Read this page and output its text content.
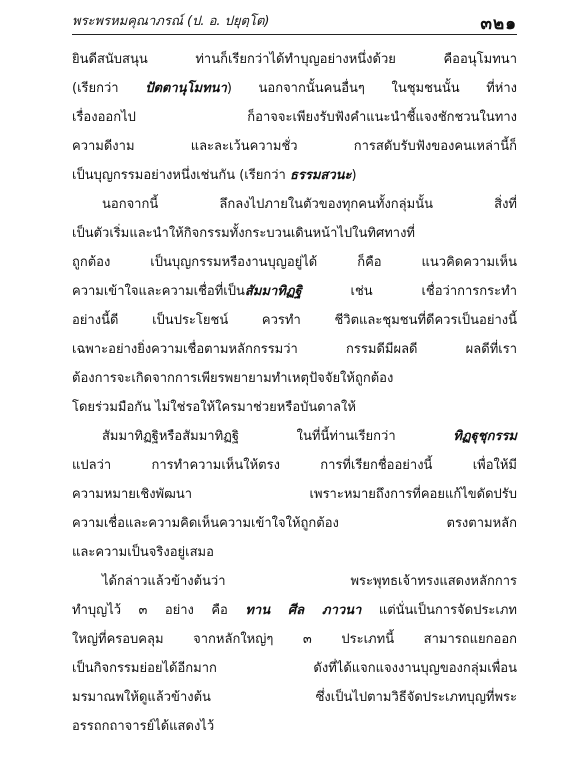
พระพรหมคุณาภรณ์ (ป. อ. ปยุตฺโต)	๓๒๑
ยินดีสนับสนุน ท่านก็เรียกว่าได้ทำบุญอย่างหนึ่งด้วย คืออนุโมทนา
(เรียกว่า ปัตตานุโมทนา) นอกจากนั้นคนอื่นๆ ในชุมชนนั้น ที่ห่าง
เรื่องออกไป ก็อาจจะเพียงรับฟังคำแนะนำชี้แจงชักชวนในทาง
ความดีงาม และละเว้นความชั่ว การสดับรับฟังของคนเหล่านี้ก็
เป็นบุญกรรมอย่างหนึ่งเช่นกัน (เรียกว่า ธรรมสวนะ)
นอกจากนี้ ลึกลงไปภายในตัวของทุกคนทั้งกลุ่มนั้น สิ่งที่
เป็นตัวเริ่มและนำให้กิจกรรมทั้งกระบวนเดินหน้าไปในทิศทางที่
ถูกต้อง เป็นบุญกรรมหรืองานบุญอยู่ได้ ก็คือ แนวคิดความเห็น
ความเข้าใจและความเชื่อที่เป็นสัมมาทิฏฐิ เช่น เชื่อว่าการกระทำ
อย่างนี้ดี เป็นประโยชน์ ควรทำ ชีวิตและชุมชนที่ดีควรเป็นอย่างนี้
เฉพาะอย่างยิ่งความเชื่อตามหลักกรรมว่า กรรมดีมีผลดี ผลดีที่เรา
ต้องการจะเกิดจากการเพียรพยายามทำเหตุปัจจัยให้ถูกต้อง
โดยร่วมมือกัน ไม่ใช่รอให้ใครมาช่วยหรือบันดาลให้
สัมมาทิฏฐิหรือสัมมาทิฏฐิ ในที่นี้ท่านเรียกว่า ทิฏฐุชุกรรม
แปลว่า การทำความเห็นให้ตรง การที่เรียกชื่ออย่างนี้ เพื่อให้มี
ความหมายเชิงพัฒนา เพราะหมายถึงการที่คอยแก้ไขดัดปรับ
ความเชื่อและความคิดเห็นความเข้าใจให้ถูกต้อง ตรงตามหลัก
และความเป็นจริงอยู่เสมอ
ได้กล่าวแล้วข้างต้นว่า พระพุทธเจ้าทรงแสดงหลักการ
ทำบุญไว้ ๓ อย่าง คือ ทาน ศีล ภาวนา แต่นั่นเป็นการจัดประเภท
ใหญ่ที่ครอบคลุม จากหลักใหญ่ๆ ๓ ประเภทนี้ สามารถแยกออก
เป็นกิจกรรมย่อยได้อีกมาก ดังที่ได้แจกแจงงานบุญของกลุ่มเพื่อน
มรมาณพให้ดูแล้วข้างต้น ซึ่งเป็นไปตามวิธีจัดประเภทบุญที่พระ
อรรถกถาจารย์ได้แสดงไว้
